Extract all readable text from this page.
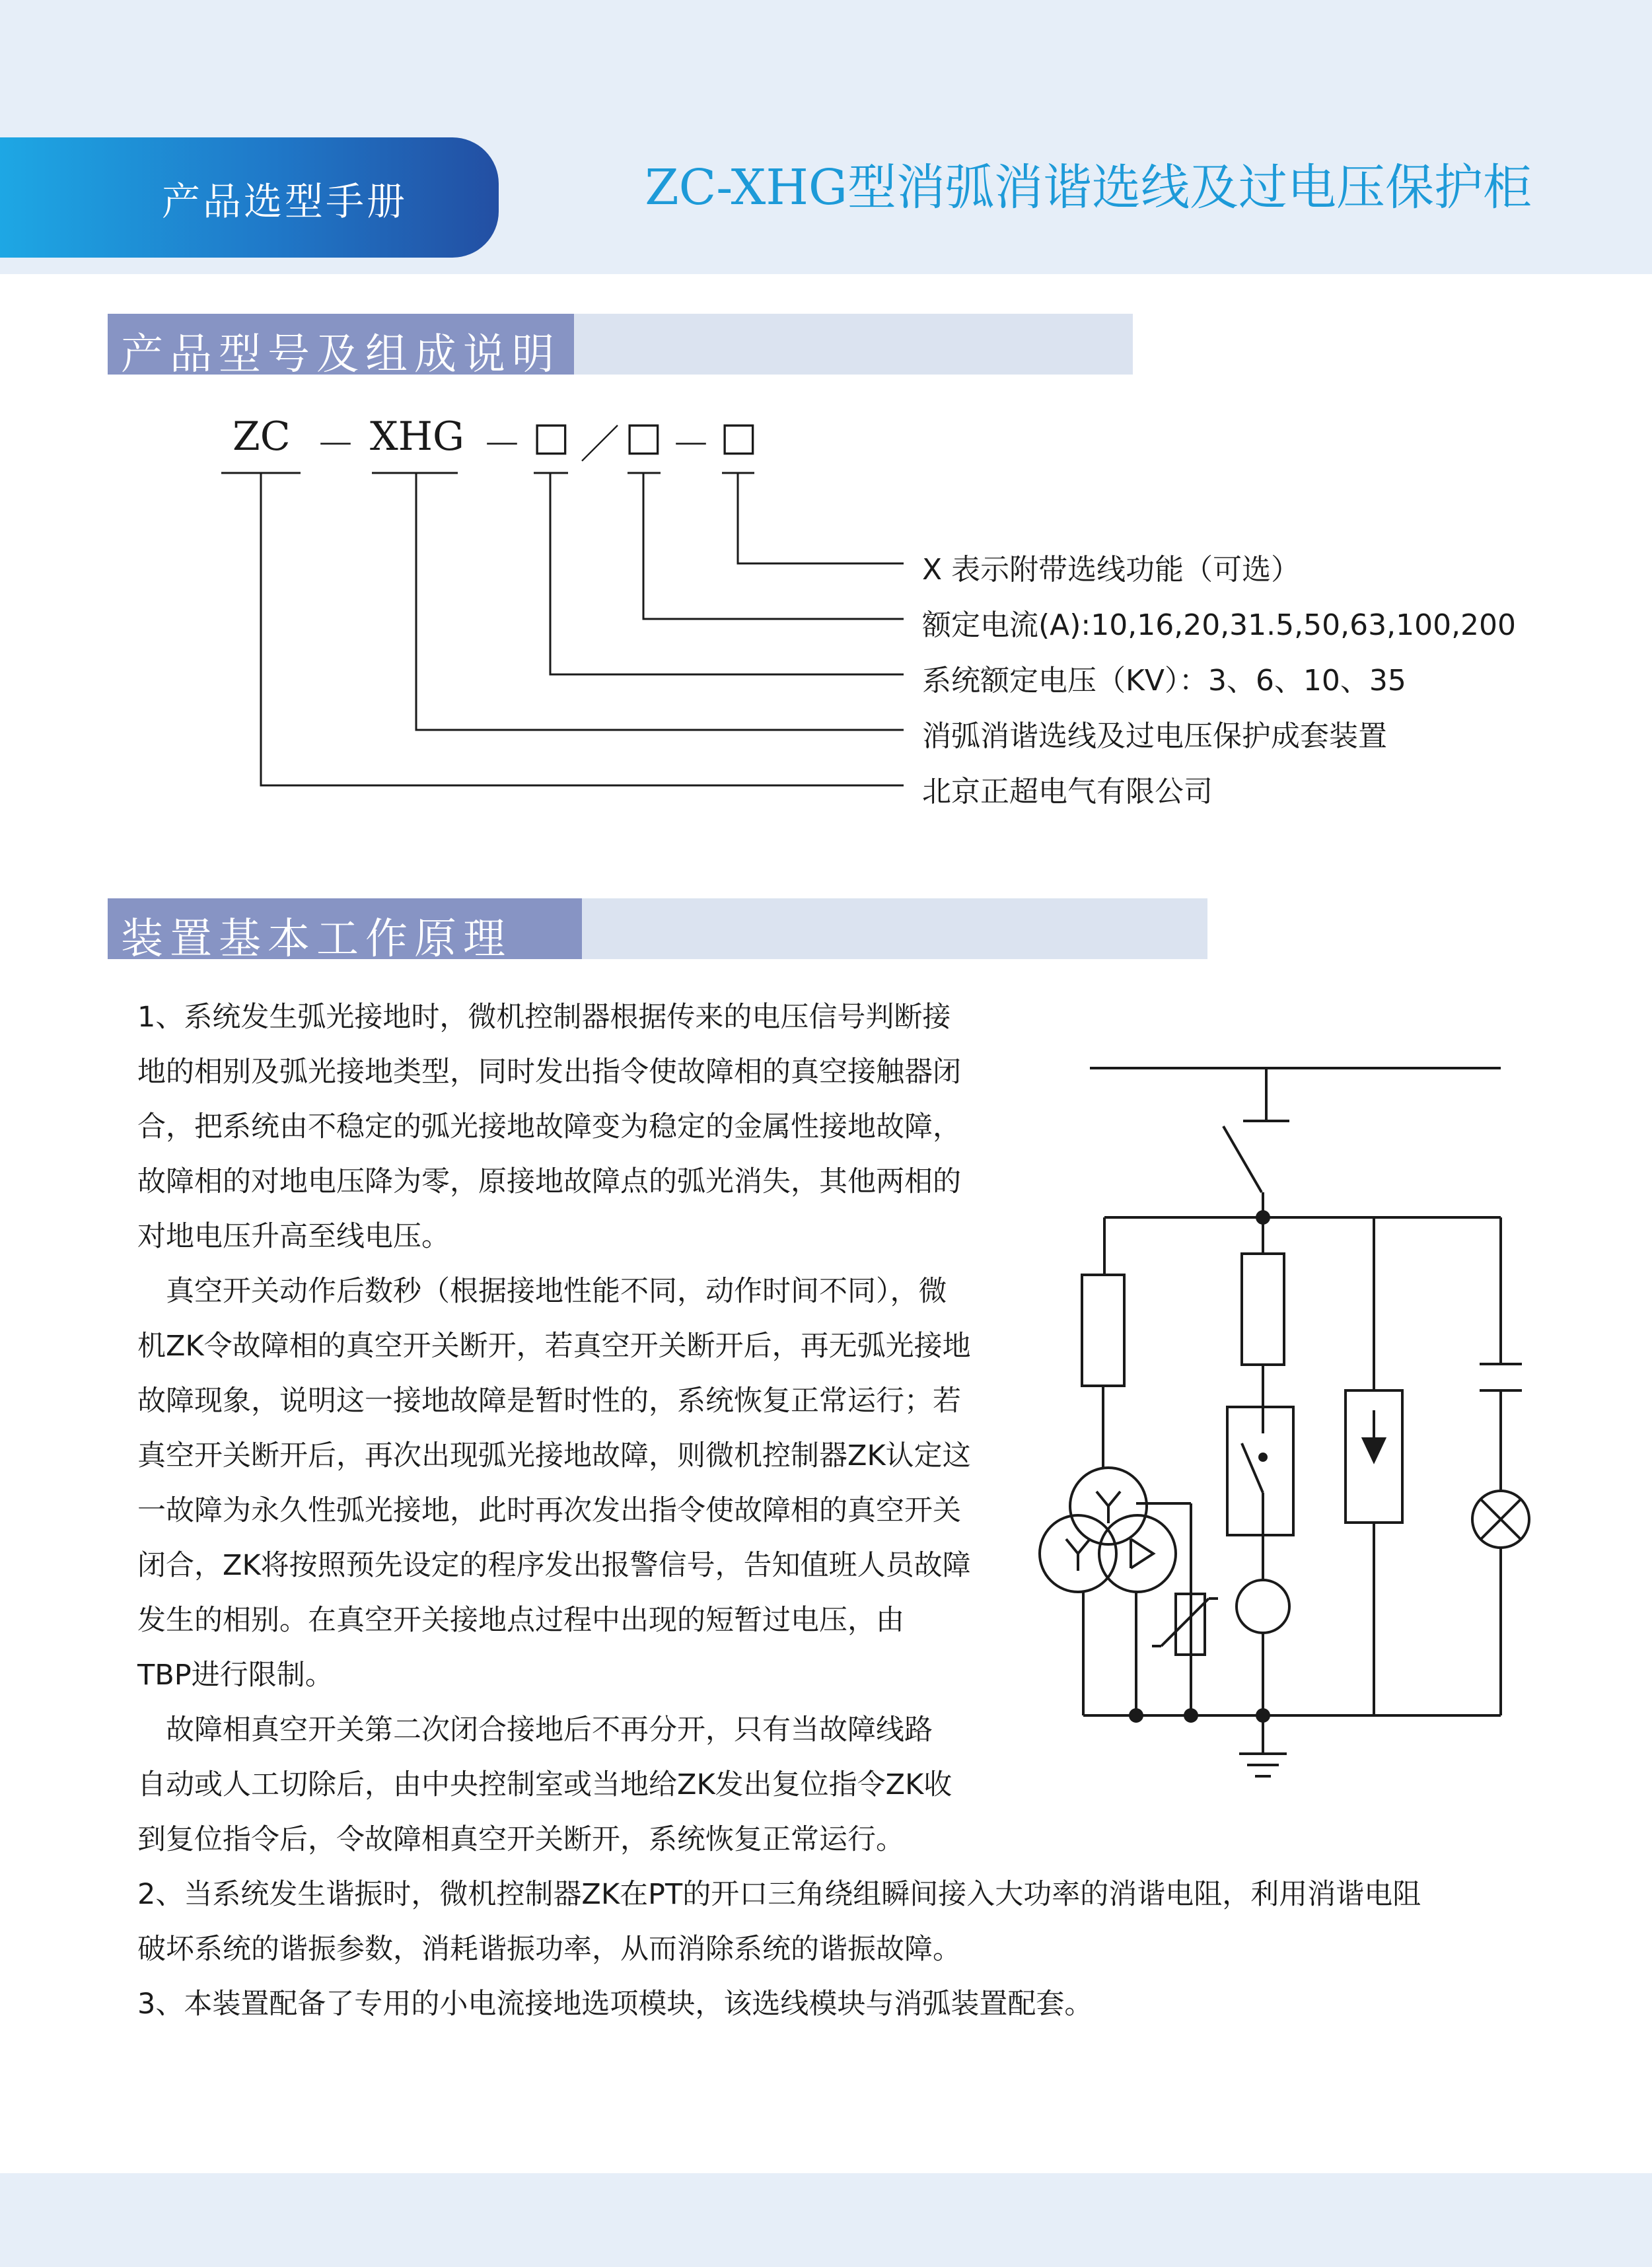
产品选型手册	ZC-XHG型消弧消谐选线及过电压保护柜
产品型号及组成说明
ZC － XHG － □ ／ □ － □
X 表示附带选线功能（可选）
额定电流(A):10,16,20,31.5,50,63,100,200
系统额定电压（KV）：3、6、10、35
消弧消谐选线及过电压保护成套装置
北京正超电气有限公司
装置基本工作原理
1、系统发生弧光接地时，微机控制器根据传来的电压信号判断接
地的相别及弧光接地类型，同时发出指令使故障相的真空接触器闭
合，把系统由不稳定的弧光接地故障变为稳定的金属性接地故障，
故障相的对地电压降为零，原接地故障点的弧光消失，其他两相的
对地电压升高至线电压。
　真空开关动作后数秒（根据接地性能不同，动作时间不同），微
机ZK令故障相的真空开关断开，若真空开关断开后，再无弧光接地
故障现象，说明这一接地故障是暂时性的，系统恢复正常运行；若
真空开关断开后，再次出现弧光接地故障，则微机控制器ZK认定这
一故障为永久性弧光接地，此时再次发出指令使故障相的真空开关
闭合，ZK将按照预先设定的程序发出报警信号，告知值班人员故障
发生的相别。在真空开关接地点过程中出现的短暂过电压，由
TBP进行限制。
　故障相真空开关第二次闭合接地后不再分开，只有当故障线路
自动或人工切除后，由中央控制室或当地给ZK发出复位指令ZK收
到复位指令后，令故障相真空开关断开，系统恢复正常运行。
2、当系统发生谐振时，微机控制器ZK在PT的开口三角绕组瞬间接入大功率的消谐电阻，利用消谐电阻
破坏系统的谐振参数，消耗谐振功率，从而消除系统的谐振故障。
3、本装置配备了专用的小电流接地选项模块，该选线模块与消弧装置配套。
